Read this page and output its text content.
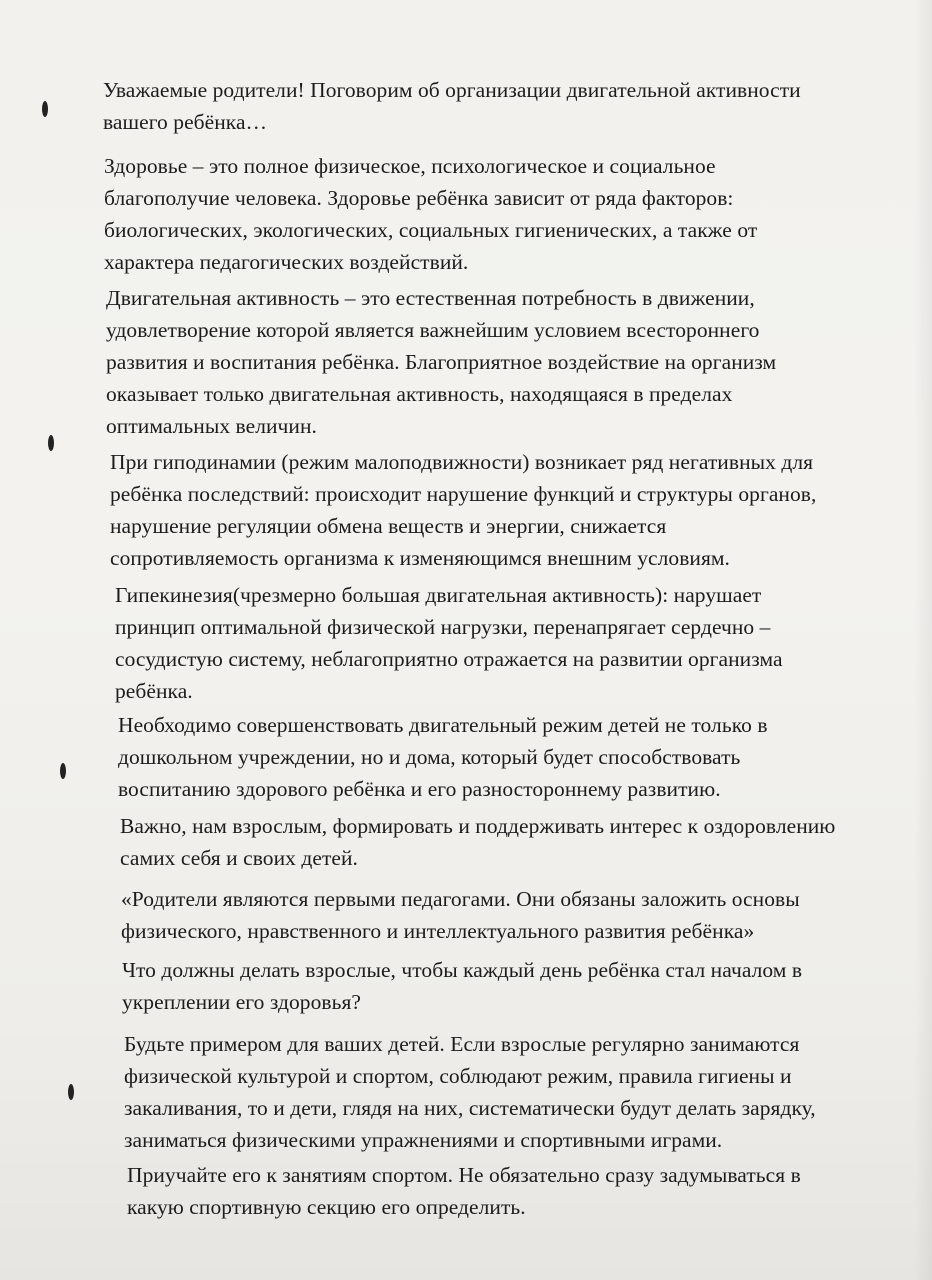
Уважаемые родители! Поговорим об организации двигательной активности
вашего ребёнка…

Здоровье – это полное физическое, психологическое и социальное
благополучие человека. Здоровье ребёнка зависит от ряда факторов:
биологических, экологических, социальных гигиенических, а также от
характера педагогических воздействий.

Двигательная активность – это естественная потребность в движении,
удовлетворение которой является важнейшим условием всестороннего
развития и воспитания ребёнка. Благоприятное воздействие на организм
оказывает только двигательная активность, находящаяся в пределах
оптимальных величин.

При гиподинамии (режим малоподвижности) возникает ряд негативных для
ребёнка последствий: происходит нарушение функций и структуры органов,
нарушение регуляции обмена веществ и энергии, снижается
сопротивляемость организма к изменяющимся внешним условиям.

Гипекинезия(чрезмерно большая двигательная активность): нарушает
принцип оптимальной физической нагрузки, перенапрягает сердечно –
сосудистую систему, неблагоприятно отражается на развитии организма
ребёнка.

Необходимо совершенствовать двигательный режим детей не только в
дошкольном учреждении, но и дома, который будет способствовать
воспитанию здорового ребёнка и его разностороннему развитию.

Важно, нам взрослым, формировать и поддерживать интерес к оздоровлению
самих себя и своих детей.

«Родители являются первыми педагогами. Они обязаны заложить основы
физического, нравственного и интеллектуального развития ребёнка»

Что должны делать взрослые, чтобы каждый день ребёнка стал началом в
укреплении его здоровья?

Будьте примером для ваших детей. Если взрослые регулярно занимаются
физической культурой и спортом, соблюдают режим, правила гигиены и
закаливания, то и дети, глядя на них, систематически будут делать зарядку,
заниматься физическими упражнениями и спортивными играми.

Приучайте его к занятиям спортом. Не обязательно сразу задумываться в
какую спортивную секцию его определить.
